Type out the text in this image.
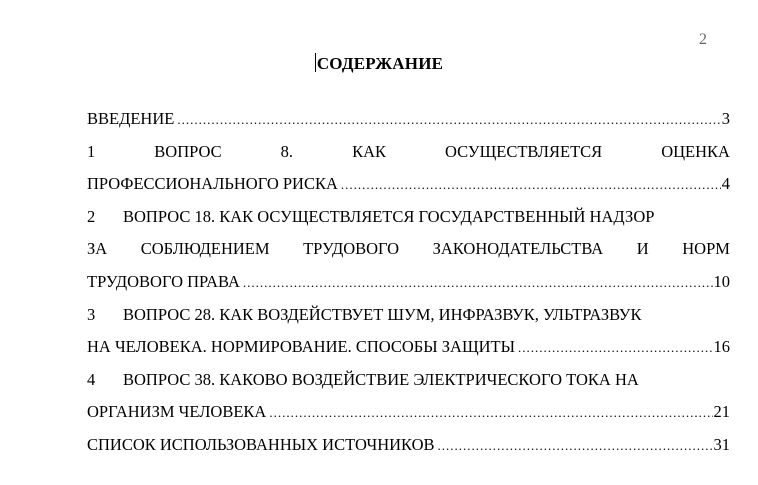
2
СОДЕРЖАНИЕ
ВВЕДЕНИЕ .....	3
1	ВОПРОС	8.	КАК	ОСУЩЕСТВЛЯЕТСЯ	ОЦЕНКА
ПРОФЕССИОНАЛЬНОГО РИСКА .....	4
2	ВОПРОС 18. КАК ОСУЩЕСТВЛЯЕТСЯ ГОСУДАРСТВЕННЫЙ НАДЗОР
ЗА СОБЛЮДЕНИЕМ ТРУДОВОГО ЗАКОНОДАТЕЛЬСТВА И НОРМ
ТРУДОВОГО ПРАВА .....	10
3	ВОПРОС 28. КАК ВОЗДЕЙСТВУЕТ ШУМ, ИНФРАЗВУК, УЛЬТРАЗВУК
НА ЧЕЛОВЕКА. НОРМИРОВАНИЕ. СПОСОБЫ ЗАЩИТЫ .....	16
4	ВОПРОС 38. КАКОВО ВОЗДЕЙСТВИЕ ЭЛЕКТРИЧЕСКОГО ТОКА НА
ОРГАНИЗМ ЧЕЛОВЕКА .....	21
СПИСОК ИСПОЛЬЗОВАННЫХ ИСТОЧНИКОВ .....	31
